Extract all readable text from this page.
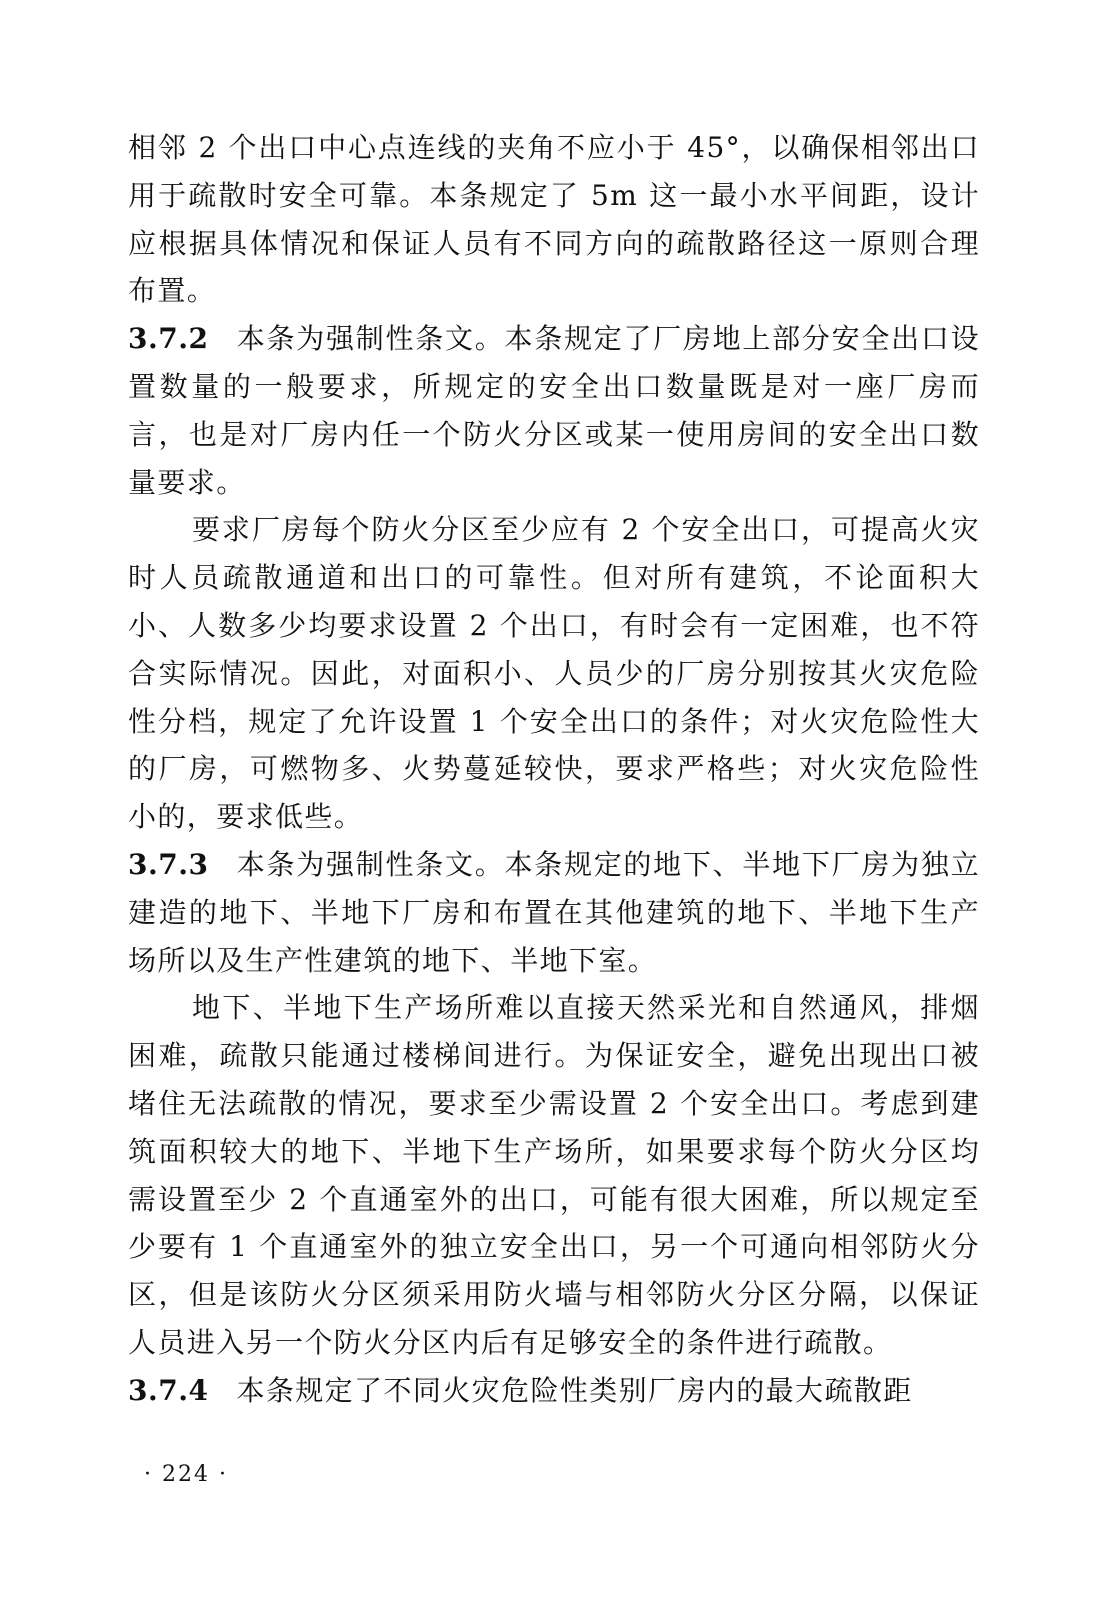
相邻 2 个出口中心点连线的夹角不应小于 45°，以确保相邻出口用于疏散时安全可靠。本条规定了 5m 这一最小水平间距，设计应根据具体情况和保证人员有不同方向的疏散路径这一原则合理布置。

3.7.2 本条为强制性条文。本条规定了厂房地上部分安全出口设置数量的一般要求，所规定的安全出口数量既是对一座厂房而言，也是对厂房内任一个防火分区或某一使用房间的安全出口数量要求。

要求厂房每个防火分区至少应有 2 个安全出口，可提高火灾时人员疏散通道和出口的可靠性。但对所有建筑，不论面积大小、人数多少均要求设置 2 个出口，有时会有一定困难，也不符合实际情况。因此，对面积小、人员少的厂房分别按其火灾危险性分档，规定了允许设置 1 个安全出口的条件；对火灾危险性大的厂房，可燃物多、火势蔓延较快，要求严格些；对火灾危险性小的，要求低些。

3.7.3 本条为强制性条文。本条规定的地下、半地下厂房为独立建造的地下、半地下厂房和布置在其他建筑的地下、半地下生产场所以及生产性建筑的地下、半地下室。

地下、半地下生产场所难以直接天然采光和自然通风，排烟困难，疏散只能通过楼梯间进行。为保证安全，避免出现出口被堵住无法疏散的情况，要求至少需设置 2 个安全出口。考虑到建筑面积较大的地下、半地下生产场所，如果要求每个防火分区均需设置至少 2 个直通室外的出口，可能有很大困难，所以规定至少要有 1 个直通室外的独立安全出口，另一个可通向相邻防火分区，但是该防火分区须采用防火墙与相邻防火分区分隔，以保证人员进入另一个防火分区内后有足够安全的条件进行疏散。

3.7.4 本条规定了不同火灾危险性类别厂房内的最大疏散距

· 224 ·
